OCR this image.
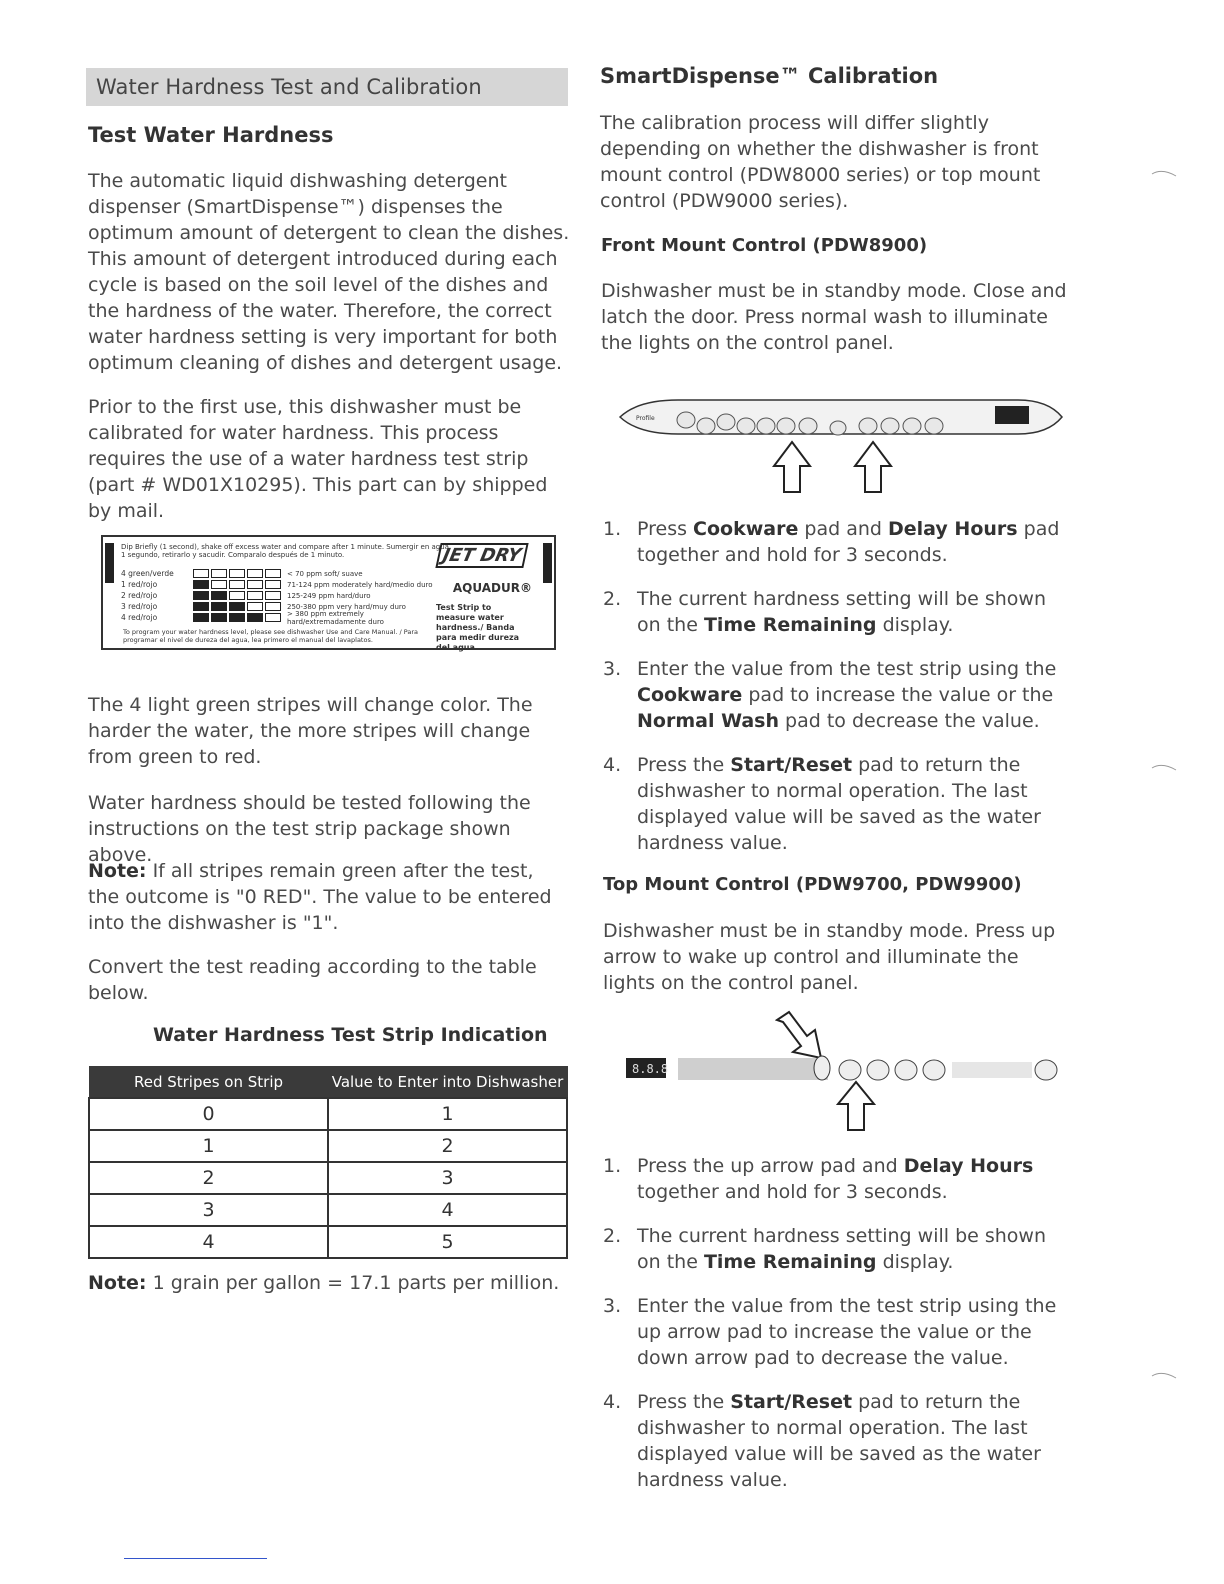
Water Hardness Test and Calibration
Test Water Hardness

The automatic liquid dishwashing detergent dispenser (SmartDispense™) dispenses the optimum amount of detergent to clean the dishes. This amount of detergent introduced during each cycle is based on the soil level of the dishes and the hardness of the water. Therefore, the correct water hardness setting is very important for both optimum cleaning of dishes and detergent usage.

Prior to the first use, this dishwasher must be calibrated for water hardness. This process requires the use of a water hardness test strip (part # WD01X10295). This part can by shipped by mail.

Dip Briefly (1 second), shake off excess water and compare after 1 minute. Sumergir en agua 1 segundo, retirarlo y sacudir. Comparalo después de 1 minuto.
4 green/verde	< 70 ppm soft/ suave
1 red/rojo	71-124 ppm moderately hard/medio duro
2 red/rojo	125-249 ppm hard/duro
3 red/rojo	250-380 ppm very hard/muy duro
4 red/rojo	> 380 ppm extremely hard/extremadamente duro
JET DRY
AQUADUR®
Test Strip to measure water hardness./ Banda para medir dureza del agua.
To program your water hardness level, please see dishwasher Use and Care Manual. / Para programar el nivel de dureza del agua, lea primero el manual del lavaplatos.

The 4 light green stripes will change color. The harder the water, the more stripes will change from green to red.

Water hardness should be tested following the instructions on the test strip package shown above.

Note: If all stripes remain green after the test, the outcome is "0 RED". The value to be entered into the dishwasher is "1".

Convert the test reading according to the table below.

Water Hardness Test Strip Indication
Red Stripes on Strip	Value to Enter into Dishwasher
0	1
1	2
2	3
3	4
4	5

Note: 1 grain per gallon = 17.1 parts per million.

SmartDispense™ Calibration

The calibration process will differ slightly depending on whether the dishwasher is front mount control (PDW8000 series) or top mount control (PDW9000 series).

Front Mount Control (PDW8900)

Dishwasher must be in standby mode. Close and latch the door. Press normal wash to illuminate the lights on the control panel.

Profile
1. Press Cookware pad and Delay Hours pad together and hold for 3 seconds.
2. The current hardness setting will be shown on the Time Remaining display.
3. Enter the value from the test strip using the Cookware pad to increase the value or the Normal Wash pad to decrease the value.
4. Press the Start/Reset pad to return the dishwasher to normal operation. The last displayed value will be saved as the water hardness value.
Top Mount Control (PDW9700, PDW9900)

Dishwasher must be in standby mode. Press up arrow to wake up control and illuminate the lights on the control panel.

8.8.8
1. Press the up arrow pad and Delay Hours together and hold for 3 seconds.
2. The current hardness setting will be shown on the Time Remaining display.
3. Enter the value from the test strip using the up arrow pad to increase the value or the down arrow pad to decrease the value.
4. Press the Start/Reset pad to return the dishwasher to normal operation. The last displayed value will be saved as the water hardness value.
